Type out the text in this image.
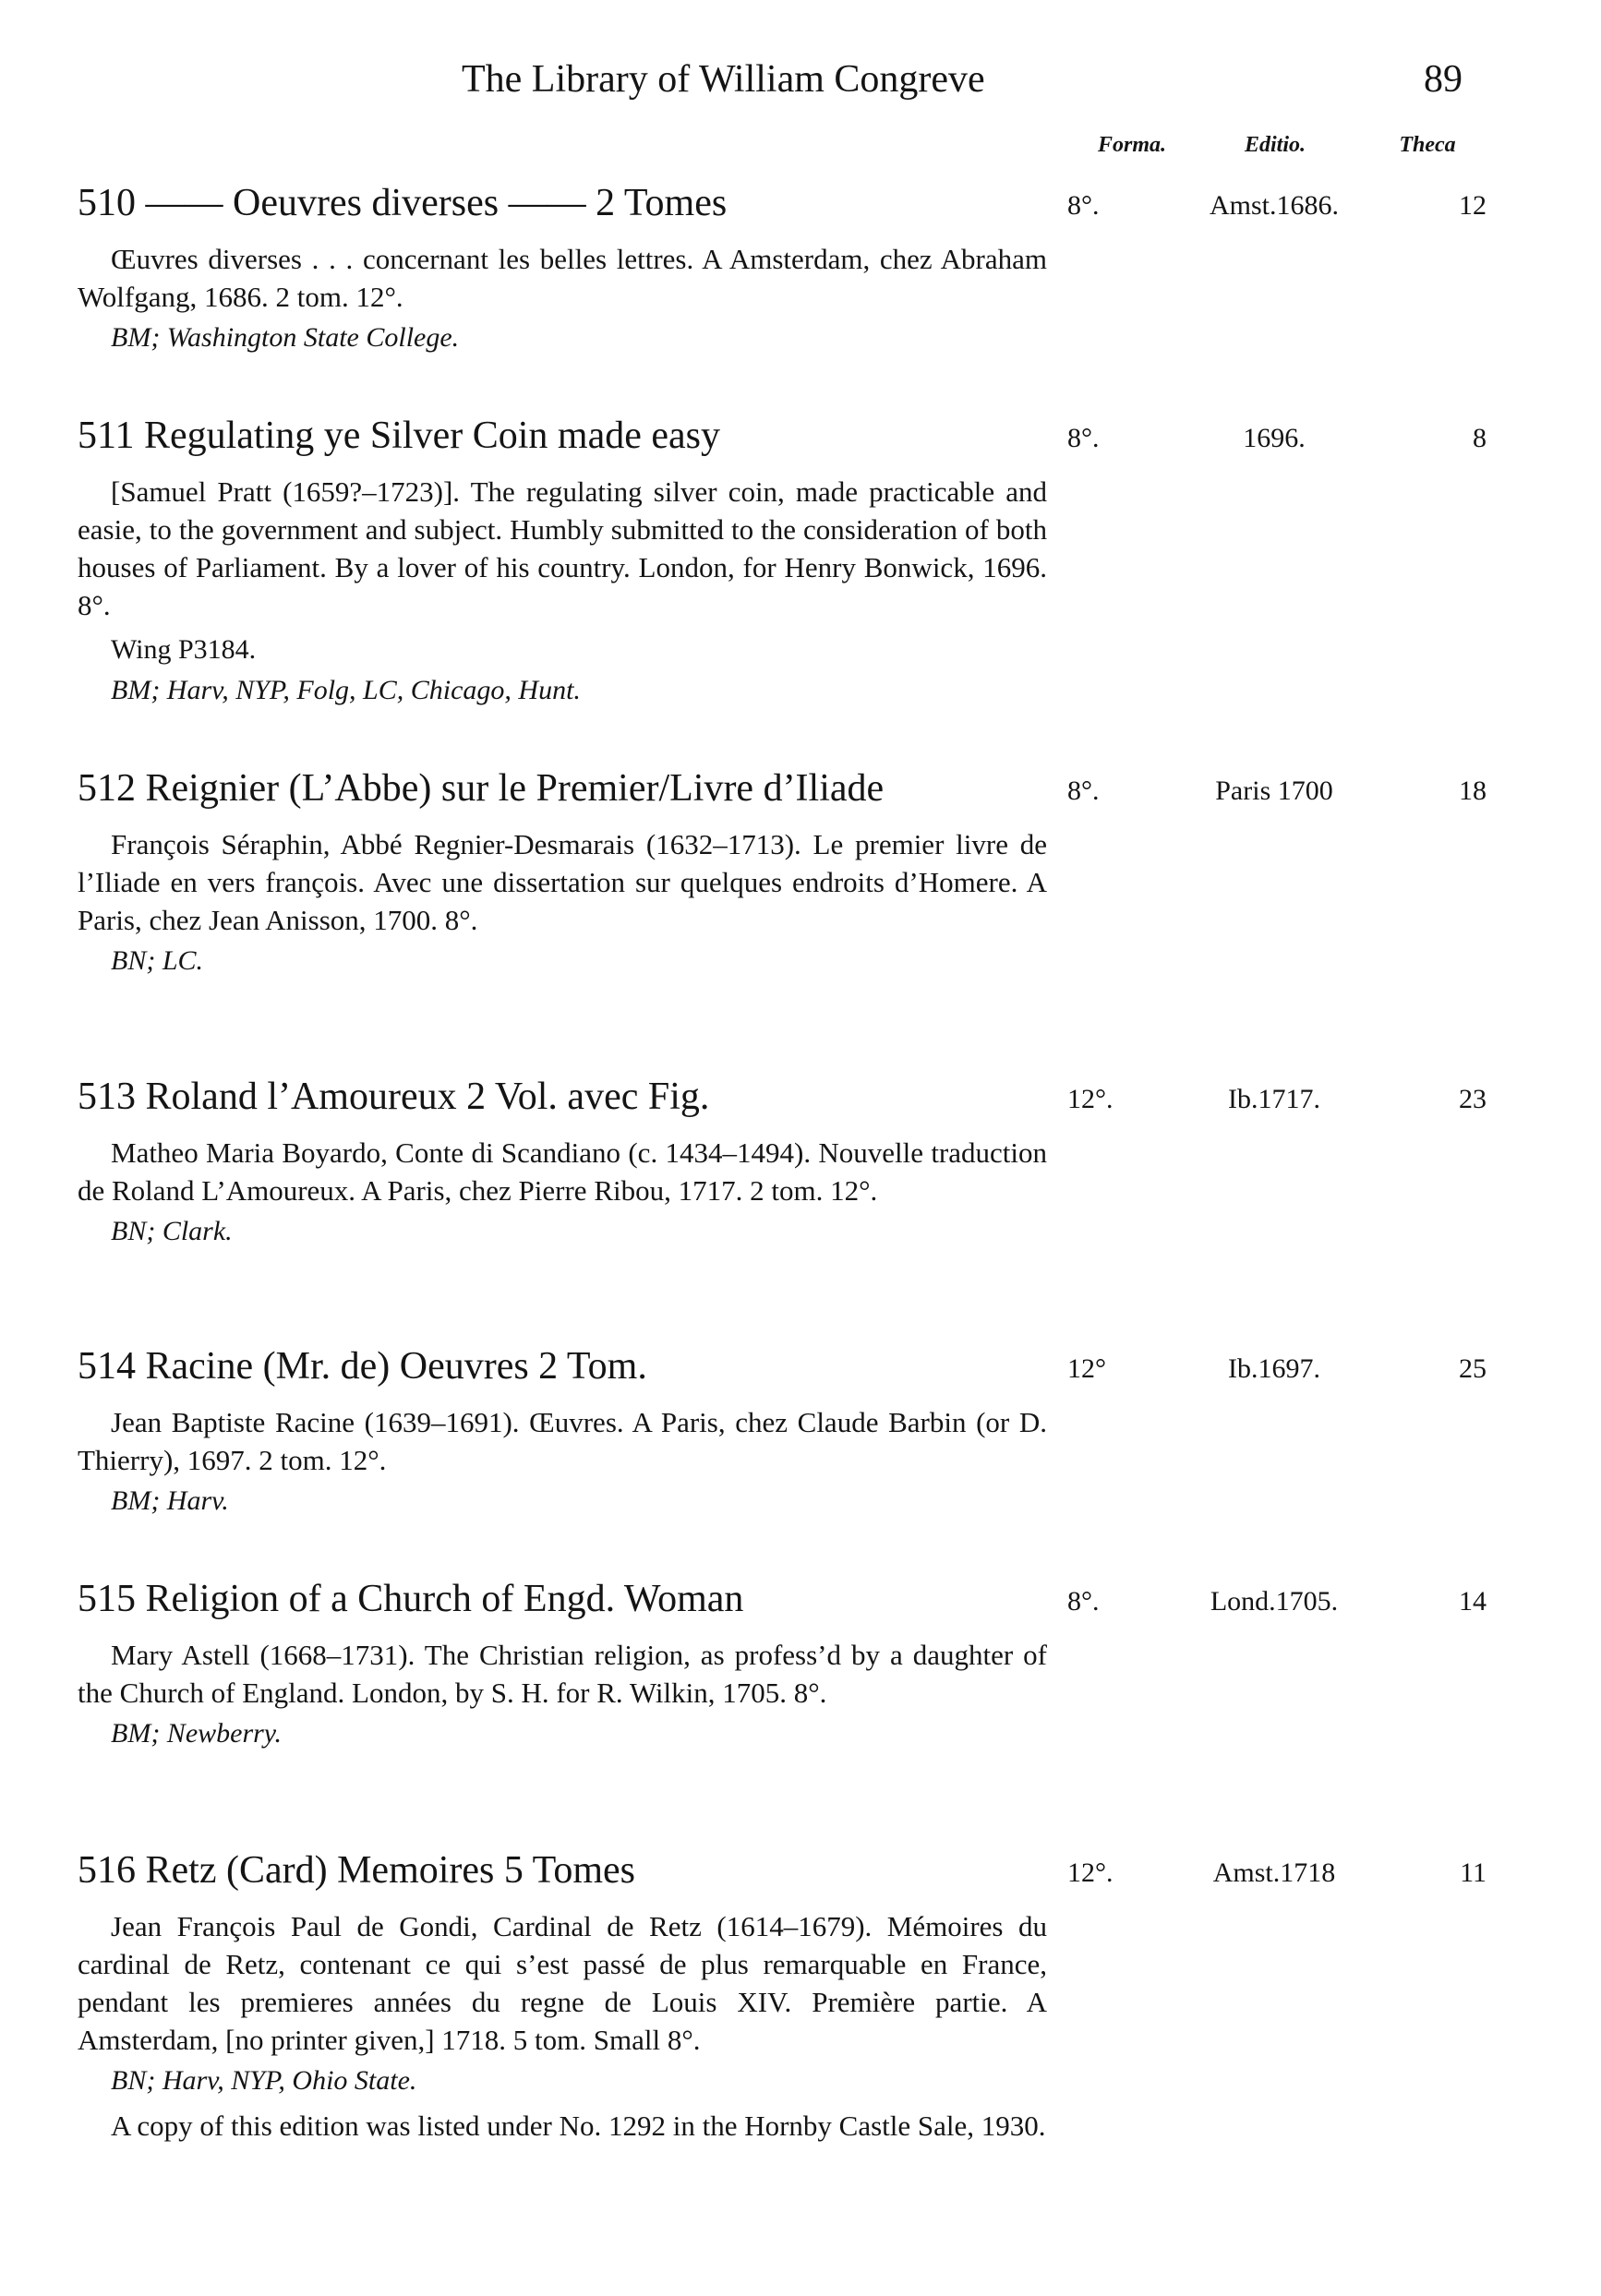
The Library of William Congreve	89
Forma.	Editio.	Theca
510 —— Oeuvres diverses —— 2 Tomes	8°.	Amst.1686.	12
Œuvres diverses . . . concernant les belles lettres. A Amsterdam, chez Abraham Wolfgang, 1686. 2 tom. 12°.
BM; Washington State College.
511 Regulating ye Silver Coin made easy	8°.	1696.	8
[Samuel Pratt (1659?–1723)]. The regulating silver coin, made practicable and easie, to the government and subject. Humbly submitted to the consideration of both houses of Parliament. By a lover of his country. London, for Henry Bonwick, 1696. 8°.
Wing P3184.
BM; Harv, NYP, Folg, LC, Chicago, Hunt.
512 Reignier (L’Abbe) sur le Premier/Livre d’Iliade	8°.	Paris 1700	18
François Séraphin, Abbé Regnier-Desmarais (1632–1713). Le premier livre de l’Iliade en vers françois. Avec une dissertation sur quelques endroits d’Homere. A Paris, chez Jean Anisson, 1700. 8°.
BN; LC.
513 Roland l’Amoureux 2 Vol. avec Fig.	12°.	Ib.1717.	23
Matheo Maria Boyardo, Conte di Scandiano (c. 1434–1494). Nouvelle traduction de Roland L’Amoureux. A Paris, chez Pierre Ribou, 1717. 2 tom. 12°.
BN; Clark.
514 Racine (Mr. de) Oeuvres 2 Tom.	12°	Ib.1697.	25
Jean Baptiste Racine (1639–1691). Œuvres. A Paris, chez Claude Barbin (or D. Thierry), 1697. 2 tom. 12°.
BM; Harv.
515 Religion of a Church of Engd. Woman	8°.	Lond.1705.	14
Mary Astell (1668–1731). The Christian religion, as profess’d by a daughter of the Church of England. London, by S. H. for R. Wilkin, 1705. 8°.
BM; Newberry.
516 Retz (Card) Memoires 5 Tomes	12°.	Amst.1718	11
Jean François Paul de Gondi, Cardinal de Retz (1614–1679). Mémoires du cardinal de Retz, contenant ce qui s’est passé de plus remarquable en France, pendant les premieres années du regne de Louis XIV. Première partie. A Amsterdam, [no printer given,] 1718. 5 tom. Small 8°.
BN; Harv, NYP, Ohio State.
A copy of this edition was listed under No. 1292 in the Hornby Castle Sale, 1930.
